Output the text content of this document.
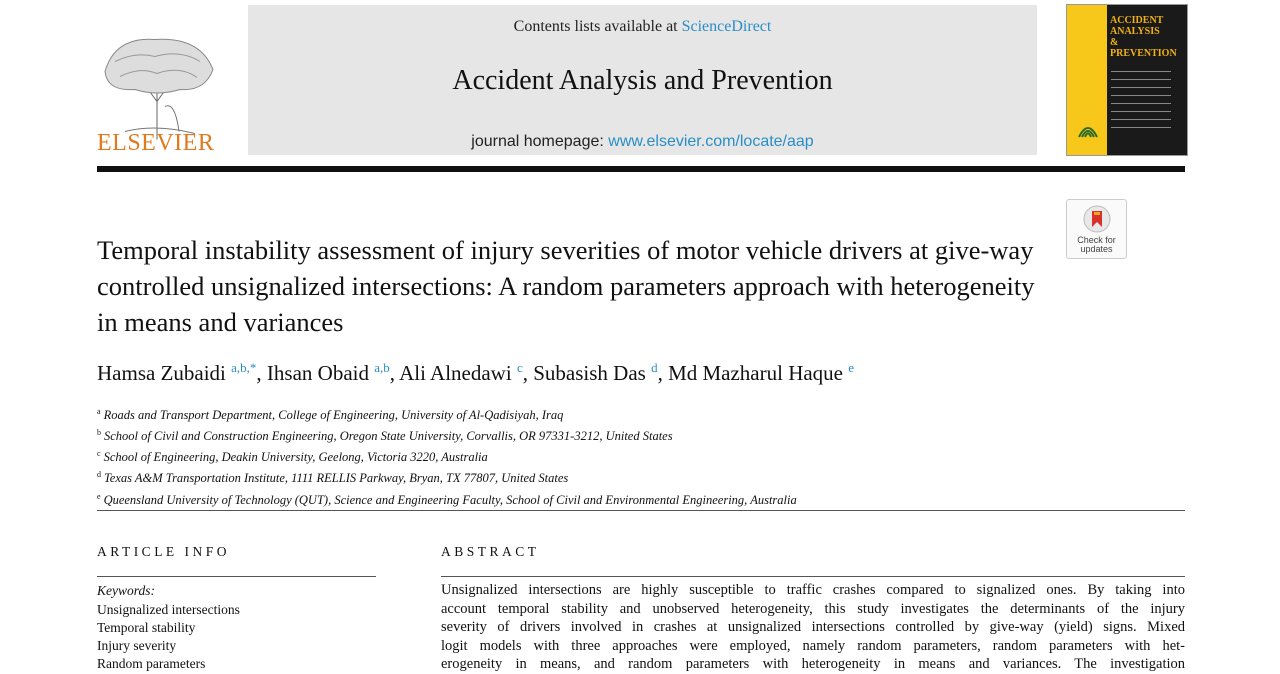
ELSEVIER
Contents lists available at ScienceDirect
Accident Analysis and Prevention
journal homepage: www.elsevier.com/locate/aap
ACCIDENT
ANALYSIS
&
PREVENTION
Check for
updates
Temporal instability assessment of injury severities of motor vehicle drivers at give-way controlled unsignalized intersections: A random parameters approach with heterogeneity in means and variances
Hamsa Zubaidi $^{a,b,*}$, Ihsan Obaid $^{a,b}$, Ali Alnedawi $^c$, Subasish Das $^d$, Md Mazharul Haque $^e$
$^a$ Roads and Transport Department, College of Engineering, University of Al-Qadisiyah, Iraq
$^b$ School of Civil and Construction Engineering, Oregon State University, Corvallis, OR 97331-3212, United States
$^c$ School of Engineering, Deakin University, Geelong, Victoria 3220, Australia
$^d$ Texas A&M Transportation Institute, 1111 RELLIS Parkway, Bryan, TX 77807, United States
$^e$ Queensland University of Technology (QUT), Science and Engineering Faculty, School of Civil and Environmental Engineering, Australia
ARTICLE INFO
Keywords:
Unsignalized intersections
Temporal stability
Injury severity
Random parameters
ABSTRACT
Unsignalized intersections are highly susceptible to traffic crashes compared to signalized ones. By taking into
account temporal stability and unobserved heterogeneity, this study investigates the determinants of the injury
severity of drivers involved in crashes at unsignalized intersections controlled by give-way (yield) signs. Mixed
logit models with three approaches were employed, namely random parameters, random parameters with het-
erogeneity in means, and random parameters with heterogeneity in means and variances. The investigation
